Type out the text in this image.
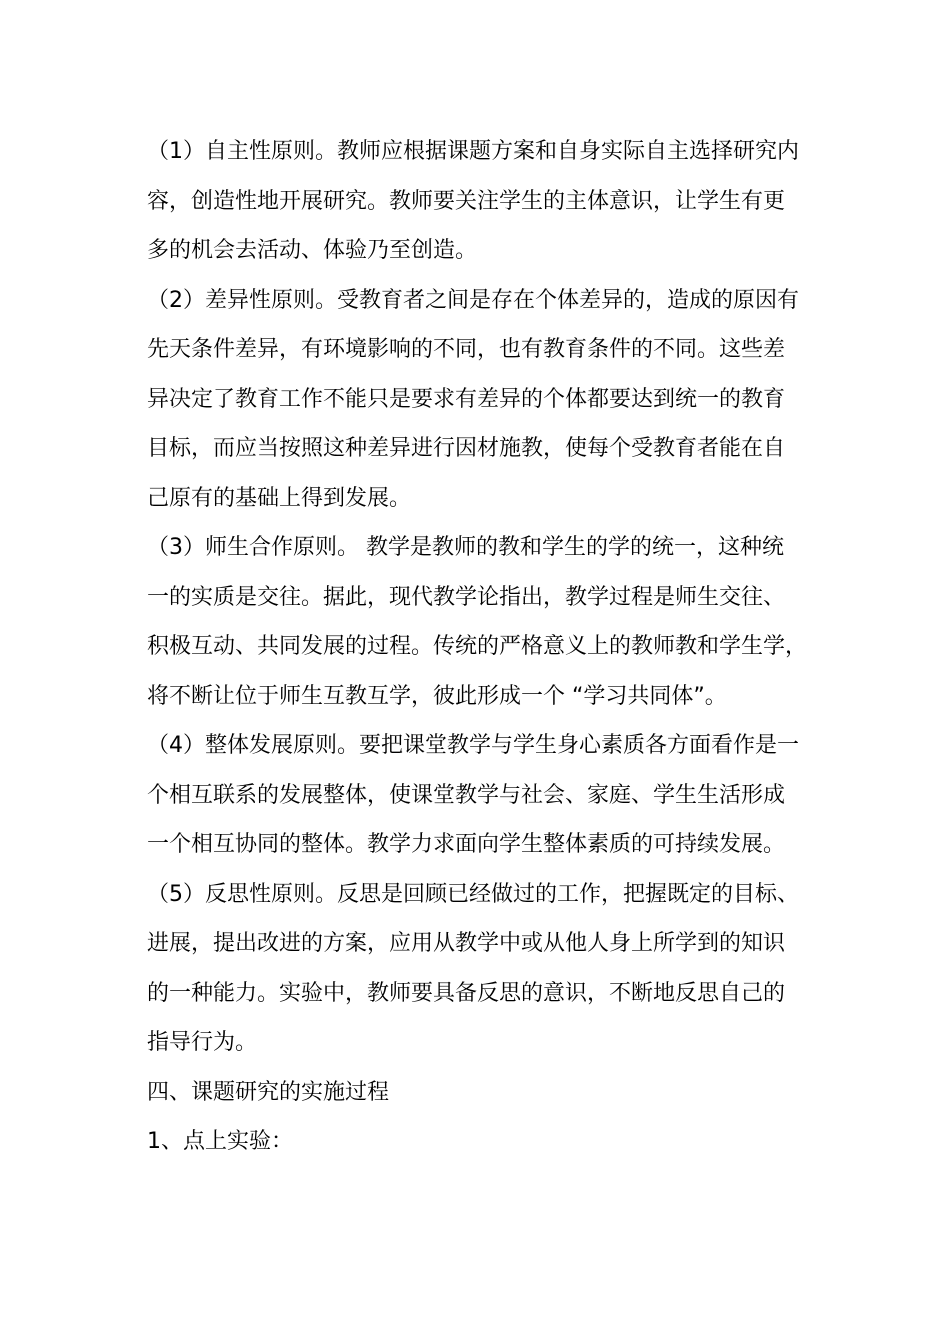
（1）自主性原则。教师应根据课题方案和自身实际自主选择研究内
容，创造性地开展研究。教师要关注学生的主体意识，让学生有更
多的机会去活动、体验乃至创造。
（2）差异性原则。受教育者之间是存在个体差异的，造成的原因有
先天条件差异，有环境影响的不同，也有教育条件的不同。这些差
异决定了教育工作不能只是要求有差异的个体都要达到统一的教育
目标，而应当按照这种差异进行因材施教，使每个受教育者能在自
己原有的基础上得到发展。
（3）师生合作原则。 教学是教师的教和学生的学的统一，这种统
一的实质是交往。据此，现代教学论指出，教学过程是师生交往、
积极互动、共同发展的过程。传统的严格意义上的教师教和学生学，
将不断让位于师生互教互学，彼此形成一个 “学习共同体”。
（4）整体发展原则。要把课堂教学与学生身心素质各方面看作是一
个相互联系的发展整体，使课堂教学与社会、家庭、学生生活形成
一个相互协同的整体。教学力求面向学生整体素质的可持续发展。
（5）反思性原则。反思是回顾已经做过的工作，把握既定的目标、
进展，提出改进的方案，应用从教学中或从他人身上所学到的知识
的一种能力。实验中，教师要具备反思的意识，不断地反思自己的
指导行为。
四、课题研究的实施过程
1、点上实验：
